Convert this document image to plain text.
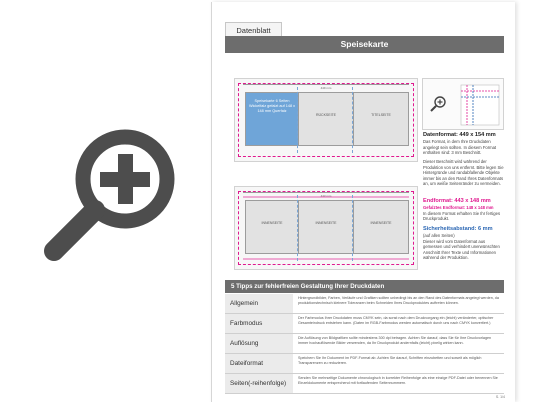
Datenblatt
Speisekarte
449 mm
Speisekarte 6 Seiten Wickelfalz gefalzt auf 148 x 148 mm Querfalz
RÜCKSEITE	TITELSEITE
443 mm
INNENSEITE	INNENSEITE	INNENSEITE
Datenformat: 449 x 154 mm
Das Format, in dem Ihre Druckdaten angelegt sein sollten. In diesem Format enthalten sind: 3 mm Beschnitt.
Dieser Beschnitt wird während der Produktion von uns entfernt. Bitte legen Sie Hintergründe und randabfallende Objekte immer bis an den Rand Ihres Datenformats an, um weiße Seitenränder zu vermeiden.
Endformat: 443 x 148 mm
Gefalztes Endformat: 148 x 148 mm
In diesem Format erhalten Sie Ihr fertiges Druckprodukt.
Sicherheitsabstand: 6 mm
(auf allen Seiten)
Dieser wird vom Datenformat aus gemessen und verhindert unerwünschten Anschnitt Ihrer Texte und Informationen während der Produktion.
5 Tipps zur fehlerfreien Gestaltung Ihrer Druckdaten
Allgemein
Hintergrundbilder, Farben, Verläufe und Grafiken sollten unbedingt bis an den Rand des Datenformats angelegt werden, da produktionstechnisch kleinere Toleranzen beim Schneiden Ihres Druckproduktes auftreten können.
Farbmodus
Der Farbmodus Ihrer Druckdaten muss CMYK sein, da sonst nach dem Druckvorgang ein (leicht) veränderter, optischer Gesamteindruck entstehen kann. (Daten im RGB-Farbmodus werden automatisch durch uns nach CMYK konvertiert.)
Auflösung
Die Auflösung von Bildgrafiken sollte mindestens 300 dpi betragen. Achten Sie darauf, dass Sie für Ihre Druckvorlagen immer hochauflösende Bilder verwenden, da Ihr Druckprodukt andernfalls (leicht) pixelig wirken kann.
Dateiformat
Speichern Sie Ihr Dokument im PDF-Format ab. Achten Sie darauf, Schriften einzubetten und soweit als möglich Transparenzen zu reduzieren.
Seiten(-reihenfolge)
Senden Sie mehrseitige Dokumente chronologisch in korrekter Reihenfolge als eine einzige PDF-Datei oder benennen Sie Einzeldokumente entsprechend mit fortlaufenden Seitennummern.
S. 1/4
